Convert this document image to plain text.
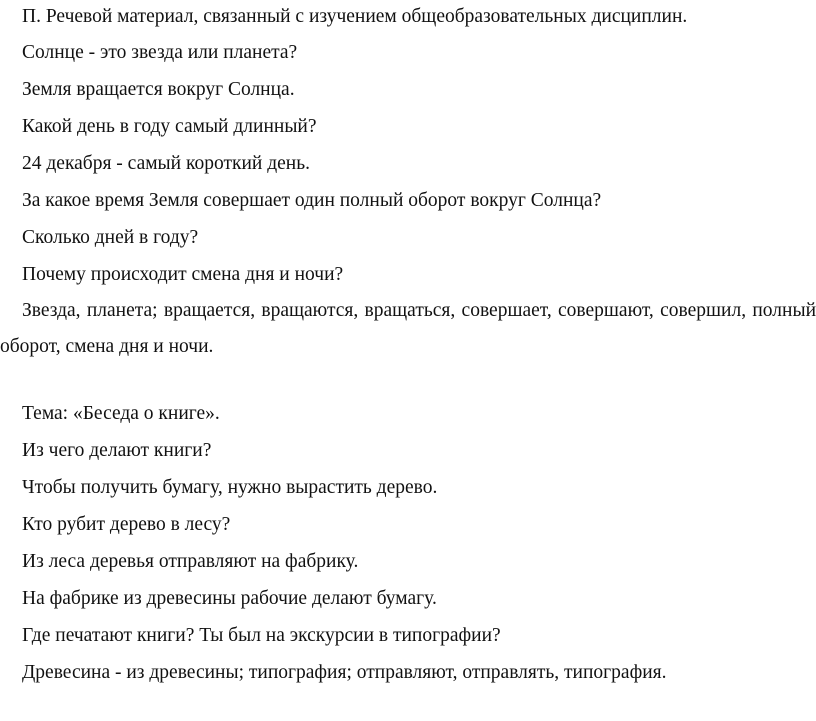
П. Речевой материал, связанный с изучением общеобразовательных дисциплин.

Солнце - это звезда или планета?

Земля вращается вокруг Солнца.

Какой день в году самый длинный?

24 декабря - самый короткий день.

За какое время Земля совершает один полный оборот вокруг Солнца?

Сколько дней в году?

Почему происходит смена дня и ночи?

Звезда, планета; вращается, вращаются, вращаться, совершает, совершают, совершил, полный оборот, смена дня и ночи.

Тема: «Беседа о книге».

Из чего делают книги?

Чтобы получить бумагу, нужно вырастить дерево.

Кто рубит дерево в лесу?

Из леса деревья отправляют на фабрику.

На фабрике из древесины рабочие делают бумагу.

Где печатают книги? Ты был на экскурсии в типографии?

Древесина - из древесины; типография; отправляют, отправлять, типография.
